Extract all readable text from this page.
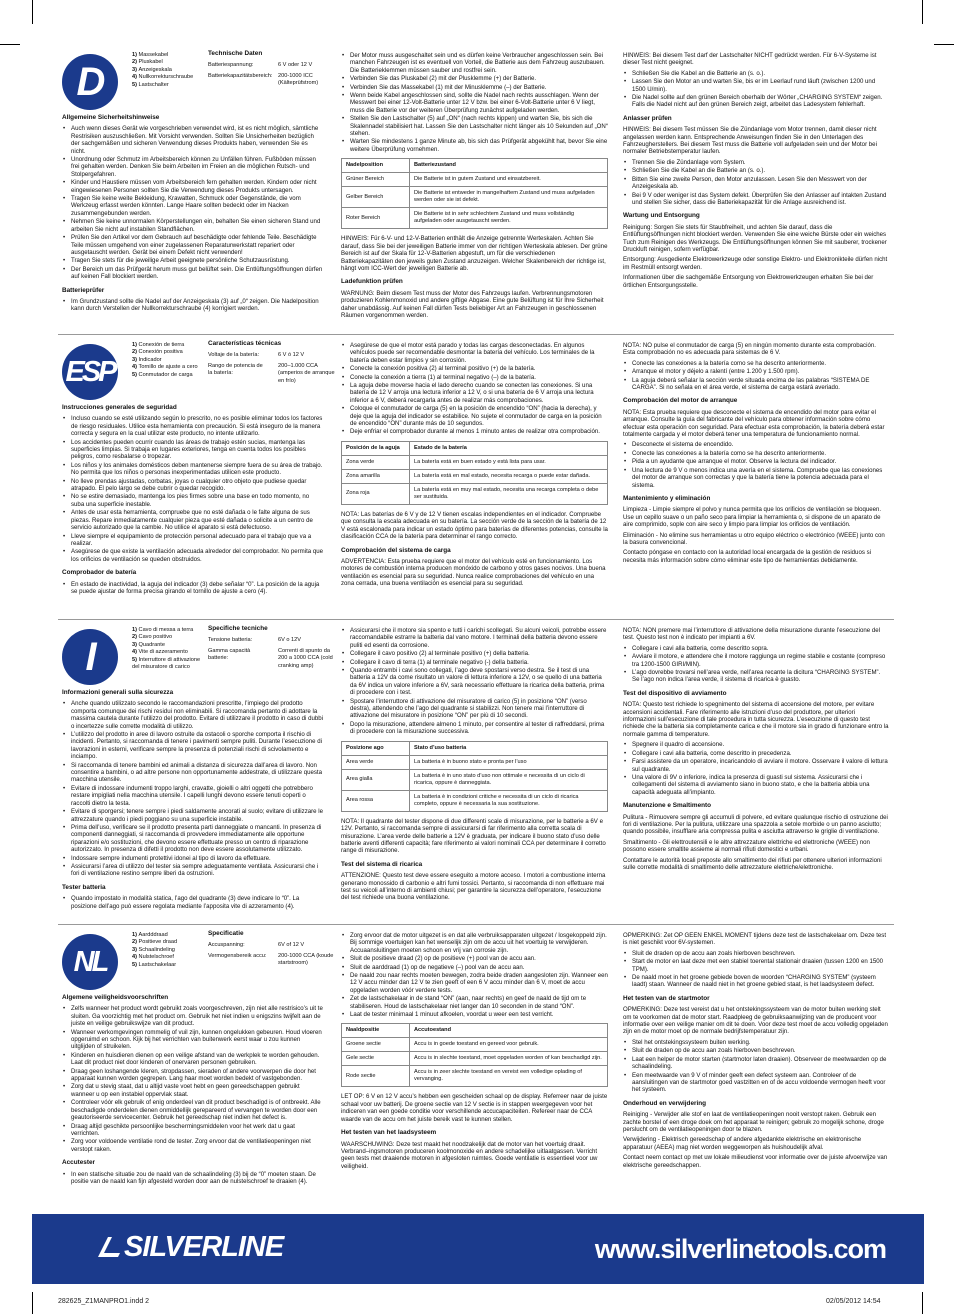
D
1) Massekabel
2) Pluskabel
3) Anzeigeskala
4) Nullkorrekturschraube
5) Lastschalter
Technische Daten
Batteriespannung:	6 V oder 12 V
Batteriekapazitätsbereich: 200-1000 ICC (Kälteprüfstrom)
Allgemeine Sicherheitshinweise
• Auch wenn dieses Gerät wie vorgeschrieben verwendet wird, ist es nicht möglich, sämtliche Restrisiken auszuschließen. Mit Vorsicht verwenden. Sollten Sie Unsicherheiten bezüglich der sachgemäßen und sicheren Verwendung dieses Produkts haben, verwenden Sie es nicht.
• Unordnung oder Schmutz im Arbeitsbereich können zu Unfällen führen. Fußböden müssen frei gehalten werden. Denken Sie beim Arbeiten im Freien an die möglichen Rutsch- und Stolpergefahren.
• Kinder und Haustiere müssen vom Arbeitsbereich fern gehalten werden. Kindern oder nicht eingewiesenen Personen sollten Sie die Verwendung dieses Produkts untersagen.
• Tragen Sie keine weite Bekleidung, Krawatten, Schmuck oder Gegenstände, die vom Werkzeug erfasst werden könnten. Lange Haare sollten bedeckt oder im Nacken zusammengebunden werden.
• Nehmen Sie keine unnormalen Körperstellungen ein, behalten Sie einen sicheren Stand und arbeiten Sie nicht auf instabilen Standflächen.
• Prüfen Sie den Artikel vor dem Gebrauch auf beschädigte oder fehlende Teile. Beschädigte Teile müssen umgehend von einer zugelassenen Reparaturwerkstatt repariert oder ausgetauscht werden. Gerät bei einem Defekt nicht verwenden!
• Tragen Sie stets für die jeweilige Arbeit geeignete persönliche Schutzausrüstung.
• Der Bereich um das Prüfgerät herum muss gut belüftet sein. Die Entlüftungsöffnungen dürfen auf keinen Fall blockiert werden.
Batterieprüfer
• Im Grundzustand sollte die Nadel auf der Anzeigeskala (3) auf „0“ zeigen. Die Nadelposition kann durch Verstellen der Nullkorrekturschraube (4) korrigiert werden.
• Der Motor muss ausgeschaltet sein und es dürfen keine Verbraucher angeschlossen sein. Bei manchen Fahrzeugen ist es eventuell von Vorteil, die Batterie aus dem Fahrzeug auszubauen. Die Batterieklemmen müssen sauber und rostfrei sein.
• Verbinden Sie das Pluskabel (2) mit der Plusklemme (+) der Batterie.
• Verbinden Sie das Massekabel (1) mit der Minusklemme (–) der Batterie.
• Wenn beide Kabel angeschlossen sind, sollte die Nadel nach rechts ausschlagen. Wenn der Messwert bei einer 12-Volt-Batterie unter 12 V bzw. bei einer 6-Volt-Batterie unter 6 V liegt, muss die Batterie vor der weiteren Überprüfung zunächst aufgeladen werden.
• Stellen Sie den Lastschalter (5) auf „ON“ (nach rechts kippen) und warten Sie, bis sich die Skalennadel stabilisiert hat. Lassen Sie den Lastschalter nicht länger als 10 Sekunden auf „ON“ stehen.
• Warten Sie mindestens 1 ganze Minute ab, bis sich das Prüfgerät abgekühlt hat, bevor Sie eine weitere Überprüfung vornehmen.
Nadelposition	Batteriezustand
Grüner Bereich	Die Batterie ist in gutem Zustand und einsatzbereit.
Gelber Bereich	Die Batterie ist entweder in mangelhaftem Zustand und muss aufgeladen werden oder sie ist defekt.
Roter Bereich	Die Batterie ist in sehr schlechtem Zustand und muss vollständig aufgeladen oder ausgetauscht werden.

HINWEIS: Für 6-V- und 12-V-Batterien enthält die Anzeige getrennte Werteskalen. Achten Sie darauf, dass Sie bei der jeweiligen Batterie immer von der richtigen Werteskala ablesen. Der grüne Bereich ist auf der Skala für 12-V-Batterien abgestuft, um für die verschiedenen Batteriekapazitäten den jeweils guten Zustand anzuzeigen. Welcher Skalenbereich der richtige ist, hängt vom ICC-Wert der jeweiligen Batterie ab.

Ladefunktion prüfen

WARNUNG: Beim diesem Test muss der Motor des Fahrzeugs laufen. Verbrennungsmotoren produzieren Kohlenmonoxid und andere giftige Abgase. Eine gute Belüftung ist für Ihre Sicherheit daher unabdässig. Auf keinen Fall dürfen Tests beliebiger Art an Fahrzeugen in geschlossenen Räumen vorgenommen werden.

HINWEIS: Bei diesem Test darf der Lastschalter NICHT gedrückt werden. Für 6-V-Systeme ist dieser Test nicht geeignet.

• Schließen Sie die Kabel an die Batterie an (s. o.).
• Lassen Sie den Motor an und warten Sie, bis er im Leerlauf rund läuft (zwischen 1200 und 1500 U/min).
• Die Nadel sollte auf den grünen Bereich oberhalb der Wörter „CHARGING SYSTEM“ zeigen. Falls die Nadel nicht auf den grünen Bereich zeigt, arbeitet das Ladesystem fehlerhaft.
Anlasser prüfen

HINWEIS: Bei diesem Test müssen Sie die Zündanlage vom Motor trennen, damit dieser nicht angelassen werden kann. Entsprechende Anweisungen finden Sie in den Unterlagen des Fahrzeugherstellers. Bei diesem Test muss die Batterie voll aufgeladen sein und der Motor bei normaler Betriebstemperatur laufen.

• Trennen Sie die Zündanlage vom System.
• Schließen Sie die Kabel an die Batterie an (s. o.).
• Bitten Sie eine zweite Person, den Motor anzulassen. Lesen Sie den Messwert von der Anzeigeskala ab.
• Bei 9 V oder weniger ist das System defekt. Überprüfen Sie den Anlasser auf intakten Zustand und stellen Sie sicher, dass die Batteriekapazität für die Anlage ausreichend ist.
Wartung und Entsorgung

Reinigung: Sorgen Sie stets für Staubfreiheit, und achten Sie darauf, dass die Entlüftungsöffnungen nicht blockiert werden. Verwenden Sie eine weiche Bürste oder ein weiches Tuch zum Reinigen des Werkzeugs. Die Entlüftungsöffnungen können Sie mit sauberer, trockener Druckluft reinigen, sofern verfügbar.

Entsorgung: Ausgediente Elektrowerkzeuge oder sonstige Elektro- und Elektronikteile dürfen nicht im Restmüll entsorgt werden.

Informationen über die sachgemäße Entsorgung von Elektrowerkzeugen erhalten Sie bei der örtlichen Entsorgungsstelle.

ESP
1) Conexión de tierra
2) Conexión positiva
3) Indicador
4) Tornillo de ajuste a cero
5) Conmutador de carga
Características técnicas
Voltaje de la batería:	6 V ó 12 V
Rango de potencia de la batería:
200–1.000 CCA (amperios de arranque en frío)
Instrucciones generales de seguridad
• Incluso cuando se esté utilizando según lo prescrito, no es posible eliminar todos los factores de riesgo residuales. Utilice esta herramienta con precaución. Si está inseguro de la manera correcta y segura en la cual utilizar este producto, no intente utilizarlo.
• Los accidentes pueden ocurrir cuando las áreas de trabajo estén sucias, mantenga las superficies limpias. Si trabaja en lugares exteriores, tenga en cuenta todos los posibles peligros, como resbalarse o tropezar.
• Los niños y los animales domésticos deben mantenerse siempre fuera de su área de trabajo. No permita que los niños o personas inexperimentadas utilicen este producto.
• No lleve prendas ajustadas, corbatas, joyas o cualquier otro objeto que pudiese quedar atrapado. El pelo largo se debe cubrir o quedar recogido.
• No se estire demasiado, mantenga los pies firmes sobre una base en todo momento, no suba una superficie inestable.
• Antes de usar esta herramienta, compruebe que no esté dañada o le falte alguna de sus piezas. Repare inmediatamente cualquier pieza que esté dañada o solicite a un centro de servicio autorizado que la cambie. No utilice el aparato si está defectuoso.
• Lleve siempre el equipamiento de protección personal adecuado para el trabajo que va a realizar.
• Asegúrese de que existe la ventilación adecuada alrededor del comprobador. No permita que los orificios de ventilación se queden obstruidos.
Comprobador de batería
• En estado de inactividad, la aguja del indicador (3) debe señalar “0”. La posición de la aguja se puede ajustar de forma precisa girando el tornillo de ajuste a cero (4).
• Asegúrese de que el motor está parado y todas las cargas desconectadas. En algunos vehículos puede ser recomendable desmontar la batería del vehículo. Los terminales de la batería deben estar limpios y sin corrosión.
• Conecte la conexión positiva (2) al terminal positivo (+) de la batería.
• Conecte la conexión a tierra (1) al terminal negativo (–) de la batería.
• La aguja debe moverse hacia el lado derecho cuando se conecten las conexiones. Si una batería de 12 V arroja una lectura inferior a 12 V, o si una batería de 6 V arroja una lectura inferior a 6 V, deberá recargarla antes de realizar más comprobaciones.
• Coloque el conmutador de carga (5) en la posición de encendido “ON” (hacia la derecha), y deje que la aguja del indicador se estabilice. No sujete el conmutador de carga en la posición de encendido “ON” durante más de 10 segundos.
• Deje enfriar el comprobador durante al menos 1 minuto antes de realizar otra comprobación.
Posición de la aguja	Estado de la batería
Zona verde	La batería está en buen estado y está lista para usar.
Zona amarilla	La batería está en mal estado, necesita recarga o puede estar dañada.
Zona roja	La batería está en muy mal estado, necesita una recarga completa o debe ser sustituida.

NOTA: Las baterías de 6 V y de 12 V tienen escalas independientes en el indicador. Compruebe que consulta la escala adecuada en su batería. La sección verde de la sección de la batería de 12 V está escalonada para indicar un estado óptimo para baterías de diferentes potencias, consulte la clasificación CCA de la batería para determinar el rango correcto.

Comprobación del sistema de carga

ADVERTENCIA: Esta prueba requiere que el motor del vehículo esté en funcionamiento. Los motores de combustión interna producen monóxido de carbono y otros gases nocivos. Una buena ventilación es esencial para su seguridad. Nunca realice comprobaciones del vehículo en una zona cerrada, una buena ventilación es esencial para su seguridad.

NOTA: NO pulse el conmutador de carga (5) en ningún momento durante esta comprobación. Esta comprobación no es adecuada para sistemas de 6 V.

• Conecte las conexiones a la batería como se ha descrito anteriormente.
• Arranque el motor y déjelo a ralentí (entre 1.200 y 1.500 rpm).
• La aguja deberá señalar la sección verde situada encima de las palabras “SISTEMA DE CARGA”. Si no señala en el área verde, el sistema de carga estará averiado.
Comprobación del motor de arranque

NOTA: Esta prueba requiere que desconecte el sistema de encendido del motor para evitar el arranque. Consulte la guía del fabricante del vehículo para obtener información sobre cómo efectuar esta operación con seguridad. Para efectuar esta comprobación, la batería deberá estar totalmente cargada y el motor deberá tener una temperatura de funcionamiento normal.

• Desconecte el sistema de encendido.
• Conecte las conexiones a la batería como se ha descrito anteriormente.
• Pida a un ayudante que arranque el motor. Observe la lectura del indicador.
• Una lectura de 9 V o menos indica una avería en el sistema. Compruebe que las conexiones del motor de arranque son correctas y que la batería tiene la potencia adecuada para el sistema.
Mantenimiento y eliminación

Limpieza - Limpie siempre el polvo y nunca permita que los orificios de ventilación se bloqueen. Use un cepillo suave o un paño seco para limpiar la herramienta o, si dispone de un aparato de aire comprimido, sople con aire seco y limpio para limpiar los orificios de ventilación.

Eliminación - No elimine sus herramientas u otro equipo eléctrico o electrónico (WEEE) junto con la basura convencional.

Contacto póngase en contacto con la autoridad local encargada de la gestión de residuos si necesita más información sobre cómo eliminar este tipo de herramientas debidamente.

I
1) Cavo di messa a terra
2) Cavo positivo
3) Quadrante
4) Vite di azzeramento
5) Interruttore di attivazione del misuratore di carico
Specifiche tecniche
Tensione batteria:	6V o 12V
Gamma capacità batterie:
Correnti di spunto da 200 a 1000 CCA (cold cranking amp)
Informazioni generali sulla sicurezza
• Anche quando utilizzato secondo le raccomandazioni prescritte, l’impiego del prodotto comporta comunque dei rischi residui non eliminabili. Si raccomanda pertanto di adottare la massima cautela durante l’utilizzo del prodotto. Evitare di utilizzare il prodotto in caso di dubbi o incertezze sulle corrette modalità di utilizzo.
• L’utilizzo del prodotto in aree di lavoro ostruite da ostacoli o sporche comporta il rischio di incidenti. Pertanto, si raccomanda di tenere i pavimenti sempre puliti. Durante l’esecuzione di lavorazioni in esterni, verificare sempre la presenza di potenziali rischi di scivolamento e inciampo.
• Si raccomanda di tenere bambini ed animali a distanza di sicurezza dall’area di lavoro. Non consentire a bambini, o ad altre persone non opportunamente addestrate, di utilizzare questa macchina utensile.
• Evitare di indossare indumenti troppo larghi, cravatte, gioielli o altri oggetti che potrebbero restare impigliati nella macchina utensile. I capelli lunghi devono essere tenuti coperti o raccolti dietro la testa.
• Evitare di sporgersi; tenere sempre i piedi saldamente ancorati al suolo; evitare di utilizzare le attrezzature quando i piedi poggiano su una superficie instabile.
• Prima dell’uso, verificare se il prodotto presenta parti danneggiate o mancanti. In presenza di componenti danneggiati, si raccomanda di provvedere immediatamente alle opportune riparazioni e/o sostituzioni, che devono essere effettuate presso un centro di riparazione autorizzato. In presenza di difetti il prodotto non deve essere assolutamente utilizzato.
• Indossare sempre indumenti protettivi idonei al tipo di lavoro da effettuare.
• Assicurarsi l’area di utilizzo del tester sia sempre adeguatamente ventilata. Assicurarsi che i fori di ventilazione restino sempre liberi da ostruzioni.
Tester batteria
• Quando impostato in modalità statica, l’ago del quadrante (3) deve indicare lo “0”. La posizione dell’ago può essere regolata mediante l’apposita vite di azzeramento (4).
• Assicurarsi che il motore sia spento e tutti i carichi scollegati. Su alcuni veicoli, potrebbe essere raccomandabile estrarre la batteria dal vano motore. I terminali della batteria devono essere puliti ed esenti da corrosione.
• Collegare il cavo positivo (2) al terminale positivo (+) della batteria.
• Collegare il cavo di terra (1) al terminale negativo (-) della batteria.
• Quando entrambi i cavi sono collegati, l’ago deve spostarsi verso destra. Se il test di una batteria a 12V da come risultato un valore di lettura inferiore a 12V, o se quello di una batteria da 6V indica un valore inferiore a 6V, sarà necessario effettuare la ricarica della batteria, prima di procedere con i test.
• Spostare l’interruttore di attivazione del misuratore di carico (5) in posizione “ON” (verso destra), attendendo che l’ago del quadrante si stabilizzi. Non tenere mai l’interruttore di attivazione del misuratore in posizione “ON” per più di 10 secondi.
• Dopo la misurazione, attendere almeno 1 minuto, per consentire al tester di raffreddarsi, prima di procedere con la misurazione successiva.
Posizione ago	Stato d’uso batteria
Area verde	La batteria è in buono stato e pronta per l’uso
Area gialla	La batteria è in uno stato d’uso non ottimale e necessita di un ciclo di ricarica, oppure è danneggiata.
Area rossa	La batteria è in condizioni critiche e necessita di un ciclo di ricarica completo, oppure è necessaria la sua sostituzione.

NOTA: Il quadrante del tester dispone di due differenti scale di misurazione, per le batterie a 6V e 12V. Pertanto, si raccomanda sempre di assicurarsi di far riferimento alla corretta scala di misurazione. L’area verde delle batterie a 12V è graduata, per indicare il buono stato d’uso delle batterie aventi differenti capacità; fare riferimento ai valori nominali CCA per determinare il corretto range di misurazione.

Test del sistema di ricarica

ATTENZIONE: Questo test deve essere eseguito a motore acceso. I motori a combustione interna generano monossido di carbonio e altri fumi tossici. Pertanto, si raccomanda di non effettuare mai test su veicoli all’interno di ambienti chiusi; per garantire la sicurezza dell’operatore, l’esecuzione del test richiede una buona ventilazione.

NOTA: NON premere mai l’interruttore di attivazione della misurazione durante l’esecuzione del test. Questo test non è indicato per impianti a 6V.

• Collegare i cavi alla batteria, come descritto sopra.
• Avviare il motore, e attendere che il motore raggiunga un regime stabile e costante (compreso tra 1200-1500 GIRI/MIN).
• L’ago dovrebbe trovarsi nell’area verde, nell’area recante la dicitura “CHARGING SYSTEM”. Se l’ago non indica l’area verde, il sistema di ricarica è guasto.
Test del dispositivo di avviamento

NOTA: Questo test richiede lo spegnimento del sistema di accensione del motore, per evitare accensioni accidentali. Fare riferimento alle istruzioni d’uso del produttore, per ulteriori informazioni sull’esecuzione di tale procedura in tutta sicurezza. L’esecuzione di questo test richiede che la batteria sia completamente carica e che il motore sia in grado di funzionare entro la normale gamma di temperature.

• Spegnere il quadro di accensione.
• Collegare i cavi alla batteria, come descritto in precedenza.
• Farsi assistere da un operatore, incaricandolo di avviare il motore. Osservare il valore di lettura sul quadrante.
• Una valore di 9V o inferiore, indica la presenza di guasti sul sistema. Assicurarsi che i collegamenti del sistema di avviamento siano in buono stato, e che la batteria abbia una capacità adeguata all’impianto.
Manutenzione e Smaltimento

Pulitura - Rimuovere sempre gli accumuli di polvere, ed evitare qualunque rischio di ostruzione dei fori di ventilazione. Per la pulitura, utilizzare una spazzola a setole morbide o un panno asciutto; quando possibile, insufflare aria compressa pulita e asciutta attraverso le griglie di ventilazione.

Smaltimento - Gli elettroutensili e le altre attrezzature elettriche ed elettroniche (WEEE) non possono essere smaltite assieme ai normali rifiuti domestici e urbani.

Contattare le autorità locali preposte allo smaltimento dei rifiuti per ottenere ulteriori informazioni sulle corrette modalità di smaltimento delle attrezzature elettriche/elettroniche.

NL
1) Aardddraad
2) Positieve draad
3) Schaalindeling
4) Nulstelschroef
5) Lastschakelaar
Specificatie
Accuspanning:	6V of 12 V
Vermogensbereik accu: 200-1000 CCA (koude startstroom)
Algemene veiligheidsvoorschriften
• Zelfs wanneer het product wordt gebruikt zoals voorgeschreven, zijn niet alle restrisico’s uit te sluiten. Ga voorzichtig met het product om. Gebruik het niet indien u enigszins twijfelt aan de juiste en veilige gebruikswijze van dit product.
• Wanneer werkomgevingen rommelig of vuil zijn, kunnen ongelukken gebeuren. Houd vloeren opgeruimd en schoon. Kijk bij het verrichten van buitenwerk eerst waar u zou kunnen uitglijden of struikelen.
• Kinderen en huisdieren dienen op een veilige afstand van de werkplek te worden gehouden. Laat dit product niet door kinderen of onervaren personen gebruiken.
• Draag geen loshangende kleren, stropdassen, sieraden of andere voorwerpen die door het apparaat kunnen worden gegrepen. Lang haar moet worden bedekt of vastgebonden.
• Zorg dat u stevig staat, dat u altijd vaste voet hebt en geen gereedschappen gebruikt wanneer u op een instabiel oppervlak staat.
• Controleer vóór elk gebruik of enig onderdeel van dit product beschadigd is of ontbreekt. Alle beschadigde onderdelen dienen onmiddellijk gerepareerd of vervangen te worden door een geautoriseerde servicecenter. Gebruik het gereedschap niet indien het defect is.
• Draag altijd geschikte persoonlijke beschermingsmiddelen voor het werk dat u gaat verrichten.
• Zorg voor voldoende ventilatie rond de tester. Zorg ervoor dat de ventilatieopeningen niet verstopt raken.
Accutester
• In een statische situatie zou de naald van de schaalindeling (3) bij de “0” moeten staan. De positie van de naald kan fijn afgesteld worden door aan de nulstelschroef te draaien (4).
• Zorg ervoor dat de motor uitgezet is en dat alle verbruiksapparaten uitgezet / losgekoppeld zijn. Bij sommige voertuigen kan het wenselijk zijn om de accu uit het voertuig te verwijderen. Accuaansluitingen moeten schoon en vrij van corrosie zijn.
• Sluit de positieve draad (2) op de positieve (+) pool van de accu aan.
• Sluit de aarddraad (1) op de negatieve (–) pool van de accu aan.
• De naald zou naar rechts moeten bewegen, zodra beide draden aangesloten zijn. Wanneer een 12 V accu minder dan 12 V te zien geeft of een 6 V accu minder dan 6 V, moet de accu opgeladen worden vóór verdere tests.
• Zet de lastschakelaar in de stand “ON” (aan, naar rechts) en geef de naald de tijd om te stabiliseren. Houd de lastschakelaar niet langer dan 10 seconden in de stand “ON”.
• Laat de tester minimaal 1 minuut afkoelen, voordat u weer een test verricht.
Naaldpositie	Accutoestand
Groene sectie	Accu is in goede toestand en gereed voor gebruik.
Gele sectie	Accu is in slechte toestand, moet opgeladen worden of kan beschadigd zijn.
Rode sectie	Accu is in zeer slechte toestand en vereist een volledige oplading of vervanging.

LET OP: 6 V en 12 V accu’s hebben een gescheiden schaal op de display. Referreer naar de juiste schaal voor uw batterij. De groene sectie van 12 V sectie is in stappen weergegeven voor het indiceren van een goede conditie voor verschillende accucapaciteiten. Refereer naar de CCA waarde van de accu om het juiste bereik vast te kunnen stellen.

Het testen van het laadsysteem

WAARSCHUWING: Deze test maakt het noodzakelijk dat de motor van het voertuig draait. Verbrand–ingsmotoren produceren koolmonoxide en andere schadelijke uitlaatgassen. Verricht geen tests met draaiende motoren in afgesloten ruimtes. Goede ventilatie is essentieel voor uw veiligheid.

OPMERKING: Zet OP GEEN ENKEL MOMENT tijdens deze test de lastschakelaar om. Deze test is niet geschikt voor 6V-systemen.

• Sluit de draden op de accu aan zoals hierboven beschreven.
• Start de motor en laat deze met een stabiel toerental stationair draaien (tussen 1200 en 1500 TPM).
• De naald moet in het groene gebiede boven de woorden “CHARGING SYSTEM” (systeem laadt) staan. Wanneer de naald niet in het groene gebied staat, is het laadsysteem defect.
Het testen van de startmotor

OPMERKING: Deze test vereist dat u het ontstekingssysteem van de motor buiten werking stelt om te voorkomen dat de motor start. Raadpleeg de gebruiksaanwijzing van de producent voor informatie over een veilige manier om dit te doen. Voor deze test moet de accu volledig opgeladen zijn en de motor moet op de normale bedrijfstemperatuur zijn.

• Stel het ontstekingssysteem buiten werking.
• Sluit de draden op de accu aan zoals hierboven beschreven.
• Laat een helper de motor starten (startmotor laten draaien). Observeer de meetwaarden op de schaalindeling.
• Een meetwaarde van 9 V of minder geeft een defect systeem aan. Controleer of de aansluitingen van de startmotor goed vastzitten en of de accu voldoende vermogen heeft voor het systeem.
Onderhoud en verwijdering

Reiniging - Verwijder alle stof en laat de ventilatieopeningen nooit verstopt raken. Gebruik een zachte borstel of een droge doek om het apparaat te reinigen; gebruik zo mogelijk schone, droge perslucht om de ventilatieopeningen door te blazen.

Verwijdering - Elektrisch gereedschap of andere afgedankte elektrische en elektronische apparatuur (AEEA) mag niet worden weggeworpen als huishoudelijk afval.

Contact neem contact op met uw lokale milieudienst voor informatie over de juiste afvoerwijze van elektrische gereedschappen.

SILVERLINE	www.silverlinetools.com
282625_Z1MANPRO1.indd 2	02/05/2012 14:54
